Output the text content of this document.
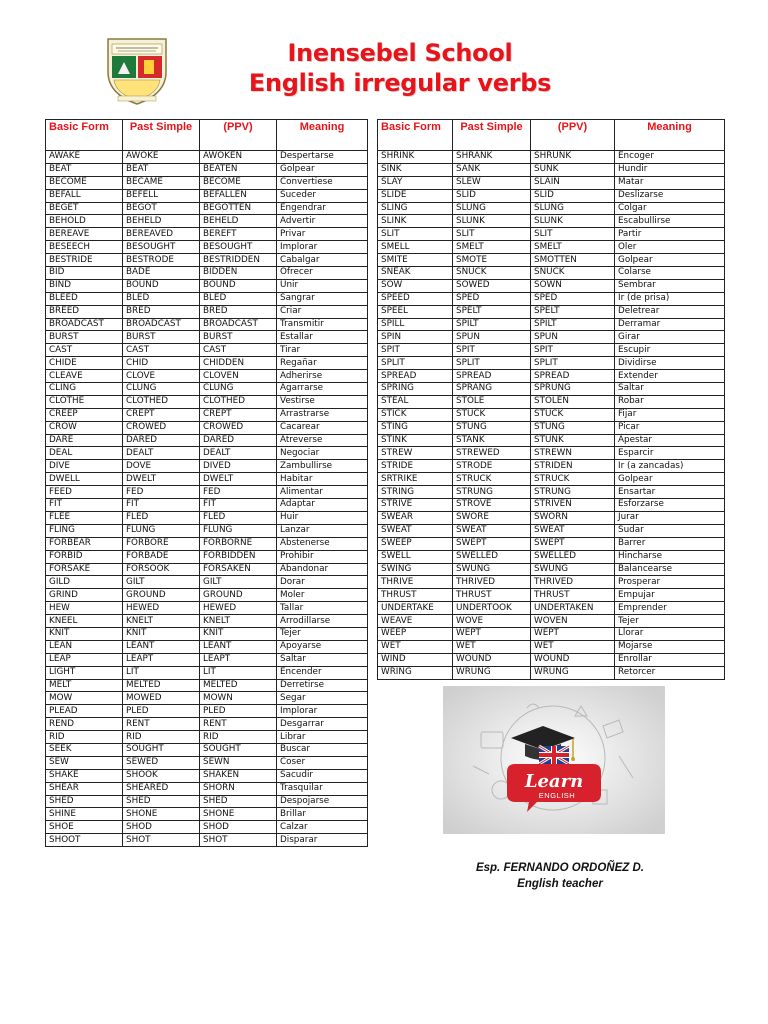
Inensebel School
English irregular verbs
Basic Form	Past Simple	(PPV)	Meaning
AWAKE	AWOKE	AWOKEN	Despertarse
BEAT	BEAT	BEATEN	Golpear
BECOME	BECAME	BECOME	Convertiese
BEFALL	BEFELL	BEFALLEN	Suceder
BEGET	BEGOT	BEGOTTEN	Engendrar
BEHOLD	BEHELD	BEHELD	Advertir
BEREAVE	BEREAVED	BEREFT	Privar
BESEECH	BESOUGHT	BESOUGHT	Implorar
BESTRIDE	BESTRODE	BESTRIDDEN	Cabalgar
BID	BADE	BIDDEN	Ofrecer
BIND	BOUND	BOUND	Unir
BLEED	BLED	BLED	Sangrar
BREED	BRED	BRED	Criar
BROADCAST	BROADCAST	BROADCAST	Transmitir
BURST	BURST	BURST	Estallar
CAST	CAST	CAST	Tirar
CHIDE	CHID	CHIDDEN	Regañar
CLEAVE	CLOVE	CLOVEN	Adherirse
CLING	CLUNG	CLUNG	Agarrarse
CLOTHE	CLOTHED	CLOTHED	Vestirse
CREEP	CREPT	CREPT	Arrastrarse
CROW	CROWED	CROWED	Cacarear
DARE	DARED	DARED	Atreverse
DEAL	DEALT	DEALT	Negociar
DIVE	DOVE	DIVED	Zambullirse
DWELL	DWELT	DWELT	Habitar
FEED	FED	FED	Alimentar
FIT	FIT	FIT	Adaptar
FLEE	FLED	FLED	Huir
FLING	FLUNG	FLUNG	Lanzar
FORBEAR	FORBORE	FORBORNE	Abstenerse
FORBID	FORBADE	FORBIDDEN	Prohibir
FORSAKE	FORSOOK	FORSAKEN	Abandonar
GILD	GILT	GILT	Dorar
GRIND	GROUND	GROUND	Moler
HEW	HEWED	HEWED	Tallar
KNEEL	KNELT	KNELT	Arrodillarse
KNIT	KNIT	KNIT	Tejer
LEAN	LEANT	LEANT	Apoyarse
LEAP	LEAPT	LEAPT	Saltar
LIGHT	LIT	LIT	Encender
MELT	MELTED	MELTED	Derretirse
MOW	MOWED	MOWN	Segar
PLEAD	PLED	PLED	Implorar
REND	RENT	RENT	Desgarrar
RID	RID	RID	Librar
SEEK	SOUGHT	SOUGHT	Buscar
SEW	SEWED	SEWN	Coser
SHAKE	SHOOK	SHAKEN	Sacudir
SHEAR	SHEARED	SHORN	Trasquilar
SHED	SHED	SHED	Despojarse
SHINE	SHONE	SHONE	Brillar
SHOE	SHOD	SHOD	Calzar
SHOOT	SHOT	SHOT	Disparar
Basic Form	Past Simple	(PPV)	Meaning
SHRINK	SHRANK	SHRUNK	Encoger
SINK	SANK	SUNK	Hundir
SLAY	SLEW	SLAIN	Matar
SLIDE	SLID	SLID	Deslizarse
SLING	SLUNG	SLUNG	Colgar
SLINK	SLUNK	SLUNK	Escabullirse
SLIT	SLIT	SLIT	Partir
SMELL	SMELT	SMELT	Oler
SMITE	SMOTE	SMOTTEN	Golpear
SNEAK	SNUCK	SNUCK	Colarse
SOW	SOWED	SOWN	Sembrar
SPEED	SPED	SPED	Ir (de prisa)
SPEEL	SPELT	SPELT	Deletrear
SPILL	SPILT	SPILT	Derramar
SPIN	SPUN	SPUN	Girar
SPIT	SPIT	SPIT	Escupir
SPLIT	SPLIT	SPLIT	Dividirse
SPREAD	SPREAD	SPREAD	Extender
SPRING	SPRANG	SPRUNG	Saltar
STEAL	STOLE	STOLEN	Robar
STICK	STUCK	STUCK	Fijar
STING	STUNG	STUNG	Picar
STINK	STANK	STUNK	Apestar
STREW	STREWED	STREWN	Esparcir
STRIDE	STRODE	STRIDEN	Ir (a zancadas)
SRTRIKE	STRUCK	STRUCK	Golpear
STRING	STRUNG	STRUNG	Ensartar
STRIVE	STROVE	STRIVEN	Esforzarse
SWEAR	SWORE	SWORN	Jurar
SWEAT	SWEAT	SWEAT	Sudar
SWEEP	SWEPT	SWEPT	Barrer
SWELL	SWELLED	SWELLED	Hincharse
SWING	SWUNG	SWUNG	Balancearse
THRIVE	THRIVED	THRIVED	Prosperar
THRUST	THRUST	THRUST	Empujar
UNDERTAKE	UNDERTOOK	UNDERTAKEN	Emprender
WEAVE	WOVE	WOVEN	Tejer
WEEP	WEPT	WEPT	Llorar
WET	WET	WET	Mojarse
WIND	WOUND	WOUND	Enrollar
WRING	WRUNG	WRUNG	Retorcer
Learn
ENGLISH
Esp. FERNANDO ORDOÑEZ D.
English teacher
